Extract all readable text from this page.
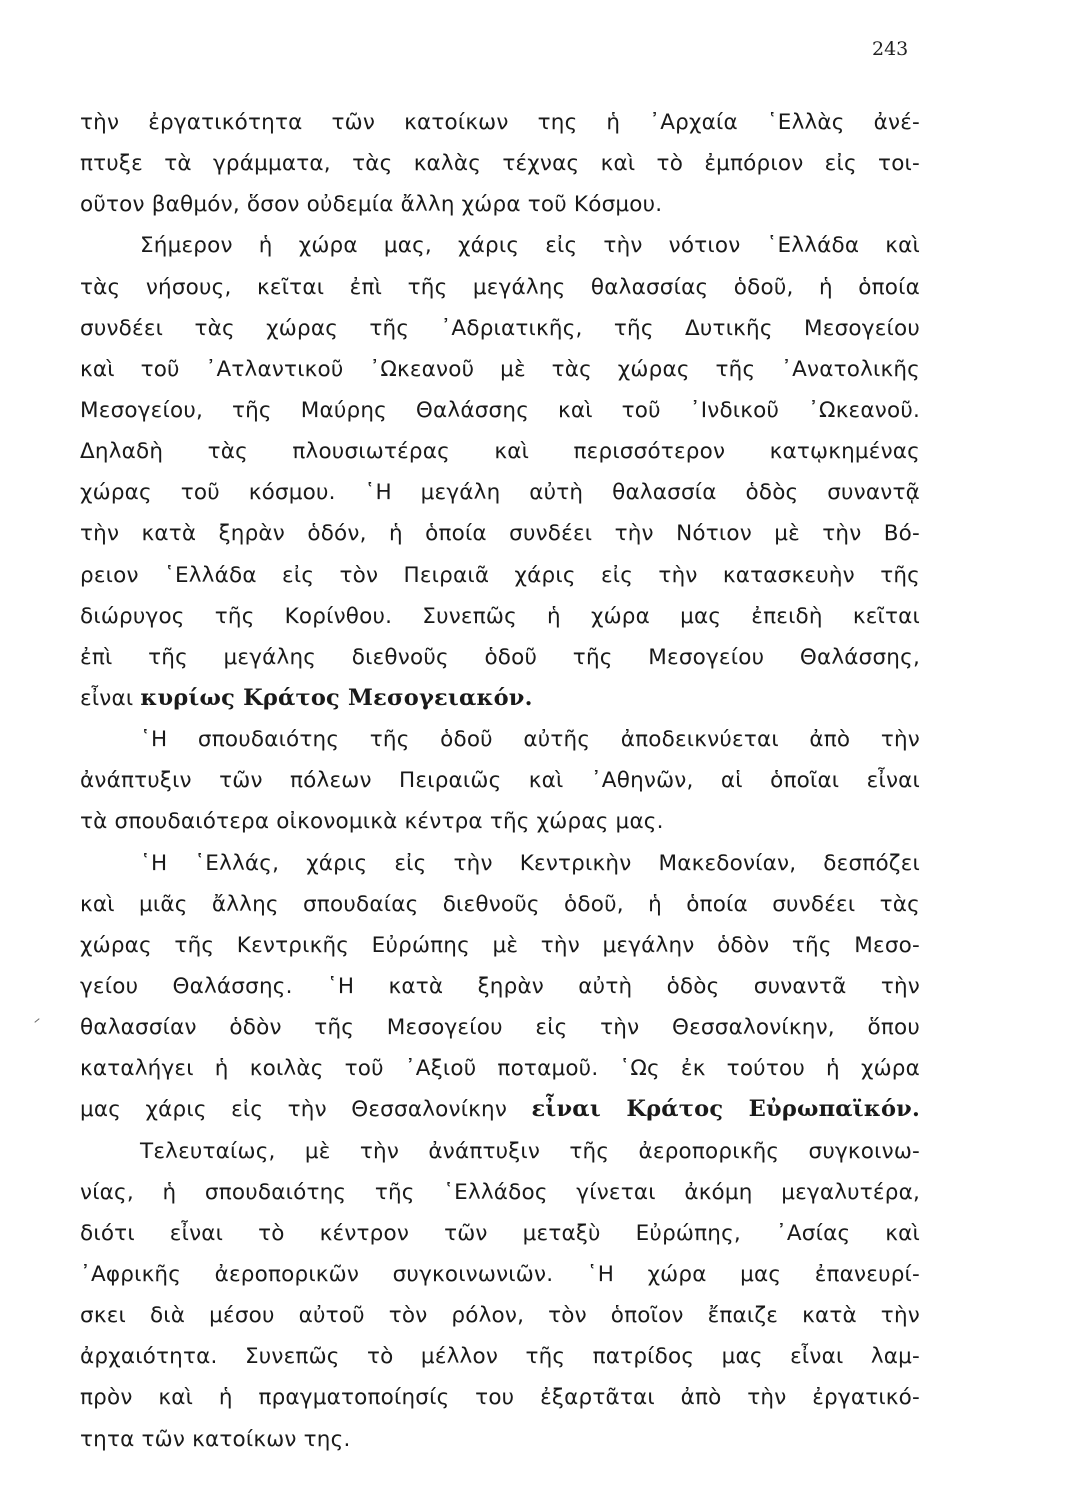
243
τὴν ἐργατικότητα τῶν κατοίκων της ἡ ᾿Αρχαία ῾Ελλὰς ἀνέ-
πτυξε τὰ γράμματα, τὰς καλὰς τέχνας καὶ τὸ ἐμπόριον εἰς τοι-
οῦτον βαθμόν, ὅσον οὐδεμία ἄλλη χώρα τοῦ Κόσμου.
Σήμερον ἡ χώρα μας, χάρις εἰς τὴν νότιον ῾Ελλάδα καὶ
τὰς νήσους, κεῖται ἐπὶ τῆς μεγάλης θαλασσίας ὁδοῦ, ἡ ὁποία
συνδέει τὰς χώρας τῆς ᾿Αδριατικῆς, τῆς Δυτικῆς Μεσογείου
καὶ τοῦ ᾿Ατλαντικοῦ ᾿Ωκεανοῦ μὲ τὰς χώρας τῆς ᾿Ανατολικῆς
Μεσογείου, τῆς Μαύρης Θαλάσσης καὶ τοῦ ᾿Ινδικοῦ ᾿Ωκεανοῦ.
Δηλαδὴ τὰς πλουσιωτέρας καὶ περισσότερον κατῳκημένας
χώρας τοῦ κόσμου. ῾Η μεγάλη αὐτὴ θαλασσία ὁδὸς συναντᾷ
τὴν κατὰ ξηρὰν ὁδόν, ἡ ὁποία συνδέει τὴν Νότιον μὲ τὴν Βό-
ρειον ῾Ελλάδα εἰς τὸν Πειραιᾶ χάρις εἰς τὴν κατασκευὴν τῆς
διώρυγος τῆς Κορίνθου. Συνεπῶς ἡ χώρα μας ἐπειδὴ κεῖται
ἐπὶ τῆς μεγάλης διεθνοῦς ὁδοῦ τῆς Μεσογείου Θαλάσσης,
εἶναι κυρίως Κράτος Μεσογειακόν.
῾Η σπουδαιότης τῆς ὁδοῦ αὐτῆς ἀποδεικνύεται ἀπὸ τὴν
ἀνάπτυξιν τῶν πόλεων Πειραιῶς καὶ ᾿Αθηνῶν, αἱ ὁποῖαι εἶναι
τὰ σπουδαιότερα οἰκονομικὰ κέντρα τῆς χώρας μας.
῾Η ῾Ελλάς, χάρις εἰς τὴν Κεντρικὴν Μακεδονίαν, δεσπόζει
καὶ μιᾶς ἄλλης σπουδαίας διεθνοῦς ὁδοῦ, ἡ ὁποία συνδέει τὰς
χώρας τῆς Κεντρικῆς Εὐρώπης μὲ τὴν μεγάλην ὁδὸν τῆς Μεσο-
γείου Θαλάσσης. ῾Η κατὰ ξηρὰν αὐτὴ ὁδὸς συναντᾶ τὴν
θαλασσίαν ὁδὸν τῆς Μεσογείου εἰς τὴν Θεσσαλονίκην, ὅπου
καταλήγει ἡ κοιλὰς τοῦ ᾿Αξιοῦ ποταμοῦ. ῾Ως ἐκ τούτου ἡ χώρα
μας χάρις εἰς τὴν Θεσσαλονίκην εἶναι Κράτος Εὐρωπαϊκόν.
Τελευταίως, μὲ τὴν ἀνάπτυξιν τῆς ἀεροπορικῆς συγκοινω-
νίας, ἡ σπουδαιότης τῆς ῾Ελλάδος γίνεται ἀκόμη μεγαλυτέρα,
διότι εἶναι τὸ κέντρον τῶν μεταξὺ Εὐρώπης, ᾿Ασίας καὶ
᾿Αφρικῆς ἀεροπορικῶν συγκοινωνιῶν. ῾Η χώρα μας ἐπανευρί-
σκει διὰ μέσου αὐτοῦ τὸν ρόλον, τὸν ὁποῖον ἔπαιζε κατὰ τὴν
ἀρχαιότητα. Συνεπῶς τὸ μέλλον τῆς πατρίδος μας εἶναι λαμ-
πρὸν καὶ ἡ πραγματοποίησίς του ἐξαρτᾶται ἀπὸ τὴν ἐργατικό-
τητα τῶν κατοίκων της.
